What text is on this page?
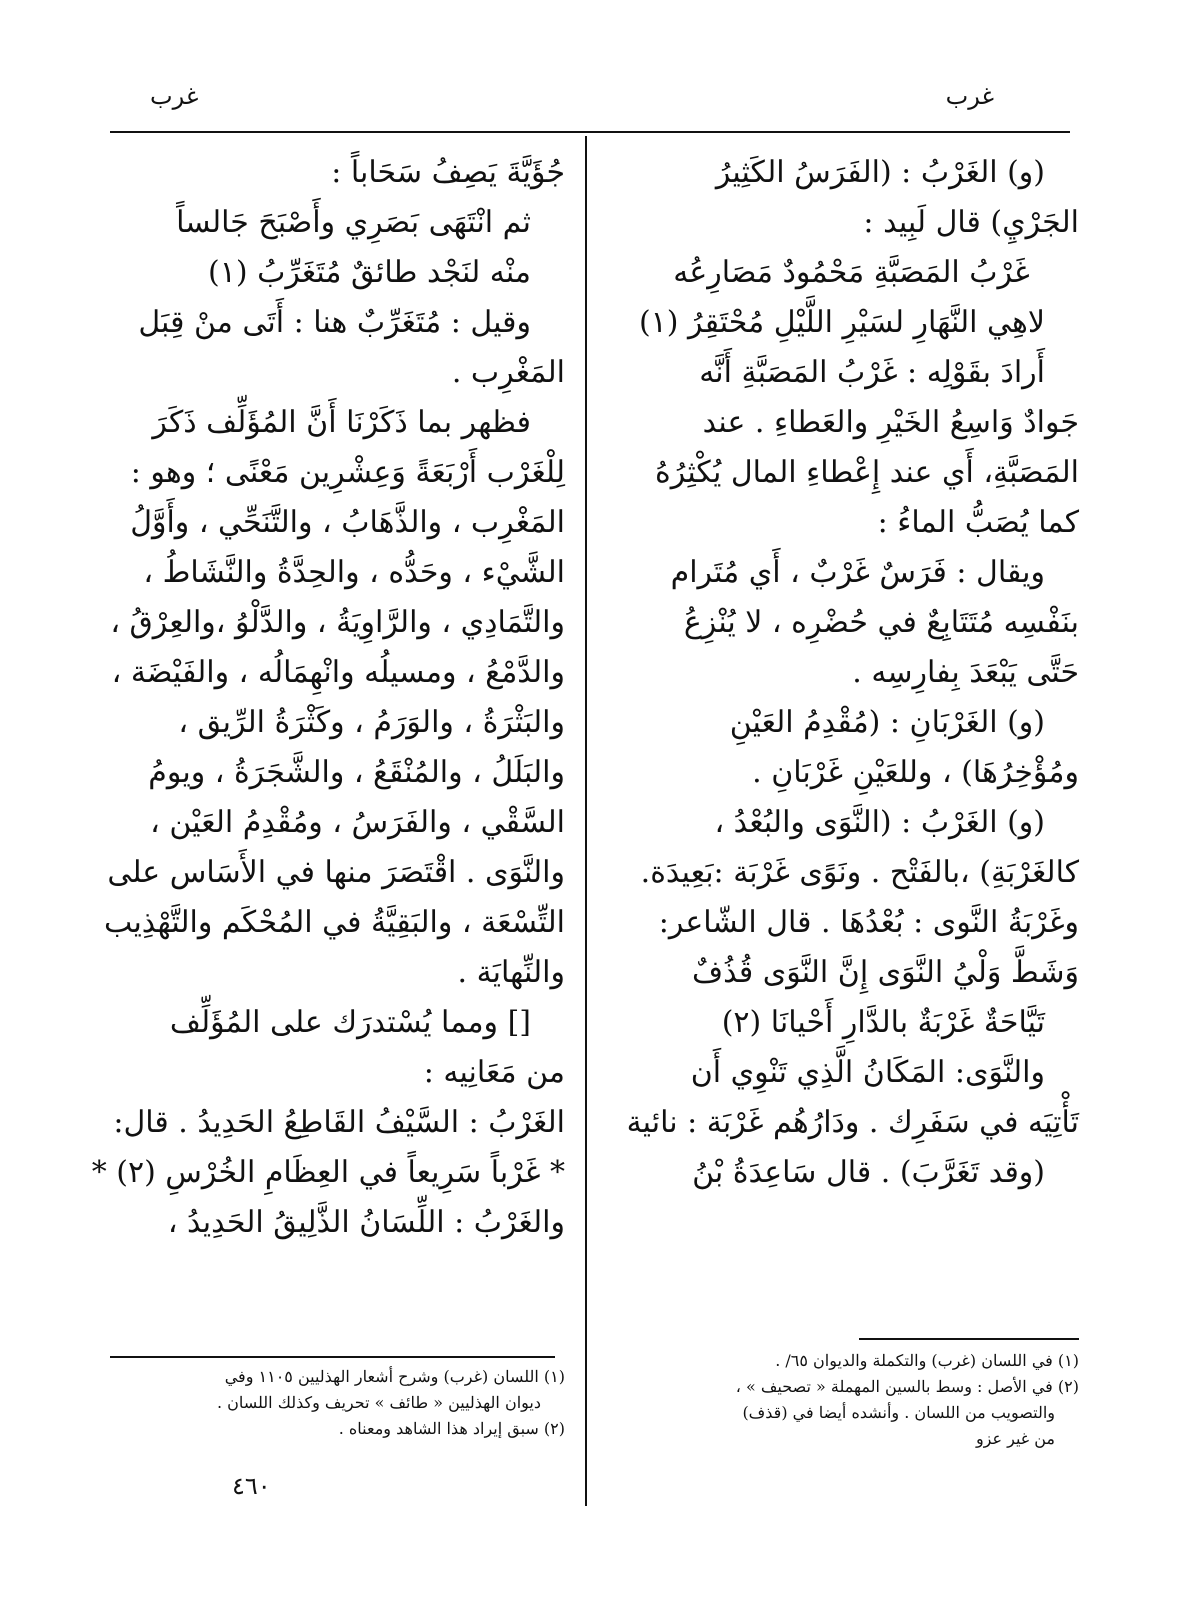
غرب
غرب
(و) الغَرْبُ : (الفَرَسُ الكَثِيرُ
الجَرْيِ) قال لَبِيد :
غَرْبُ المَصَبَّةِ مَحْمُودٌ مَصَارِعُه
لاهِي النَّهَارِ لسَيْرِ اللَّيْلِ مُحْتَقِرُ (١)
أَرادَ بقَوْلِه : غَرْبُ المَصَبَّةِ أَنَّه
جَوادٌ وَاسِعُ الخَيْرِ والعَطاءِ . عند
المَصَبَّةِ، أَي عند إِعْطاءِ المال يُكْثِرُهُ
كما يُصَبُّ الماءُ :
ويقال : فَرَسٌ غَرْبٌ ، أَي مُتَرام
بنَفْسِه مُتَتَابِعٌ في حُضْرِه ، لا يُنْزِعُ
حَتَّى يَبْعَدَ بِفارِسِه .
(و) الغَرْبَانِ : (مُقْدِمُ العَيْنِ
ومُؤْخِرُهَا) ، وللعَيْنِ غَرْبَانِ .
(و) الغَرْبُ : (النَّوَى والبُعْدُ ،
كالغَرْبَةِ) ،بالفَتْح . ونَوًى غَرْبَة :بَعِيدَة.
وغَرْبَةُ النَّوى : بُعْدُهَا . قال الشّاعر:
وَشَطَّ وَلْيُ النَّوَى إِنَّ النَّوَى قُذُفٌ
تَيَّاحَةٌ غَرْبَةٌ بالدَّارِ أَحْيانَا (٢)
والنَّوَى: المَكَانُ الَّذِي تَنْوِي أَن
تَأْتِيَه في سَفَرِك . ودَارُهُم غَرْبَة : نائية
(وقد تَغَرَّبَ) . قال سَاعِدَةُ بْنُ
جُؤَيَّةَ يَصِفُ سَحَاباً :
ثم انْتَهَى بَصَرِي وأَصْبَحَ جَالساً
منْه لنَجْد طائقٌ مُتَغَرِّبُ (١)
وقيل : مُتَغَرِّبٌ هنا : أَتَى منْ قِبَل
المَغْرِب .
فظهر بما ذَكَرْنَا أَنَّ المُؤَلِّف ذَكَرَ
لِلْغَرْب أَرْبَعَةً وَعِشْرِين مَعْنًى ؛ وهو :
المَغْرِب ، والذَّهَابُ ، والتَّنَحِّي ، وأَوَّلُ
الشَّيْء ، وحَدُّه ، والحِدَّةُ والنَّشَاطُ ،
والتَّمَادِي ، والرَّاوِيَةُ ، والدَّلْوُ ،والعِرْقُ ،
والدَّمْعُ ، ومسيلُه وانْهِمَالُه ، والفَيْضَة ،
والبَثْرَةُ ، والوَرَمُ ، وكَثْرَةُ الرِّيق ،
والبَلَلُ ، والمُنْقَعُ ، والشَّجَرَةُ ، ويومُ
السَّقْي ، والفَرَسُ ، ومُقْدِمُ العَيْن ،
والنَّوَى . اقْتَصَرَ منها في الأَسَاس على
التِّسْعَة ، والبَقِيَّةُ في المُحْكَم والتَّهْذِيب
والنِّهايَة .
[] ومما يُسْتدرَك على المُؤَلِّف
من مَعَانِيه :
الغَرْبُ : السَّيْفُ القَاطِعُ الحَدِيدُ . قال:
* غَرْباً سَرِيعاً في العِظَامِ الخُرْسِ (٢) *
والغَرْبُ : اللِّسَانُ الذَّلِيقُ الحَدِيدُ ،
(١) في اللسان (غرب) والتكملة والديوان ٦٥/ .
(٢) في الأصل : وسط بالسين المهملة « تصحيف » ،
والتصويب من اللسان . وأنشده أيضا في (قذف)
من غير عزو
(١) اللسان (غرب) وشرح أشعار الهذليين ١١٠٥ وفي
ديوان الهذليين « طائف » تحريف وكذلك اللسان .
(٢) سبق إيراد هذا الشاهد ومعناه .
٤٦٠
